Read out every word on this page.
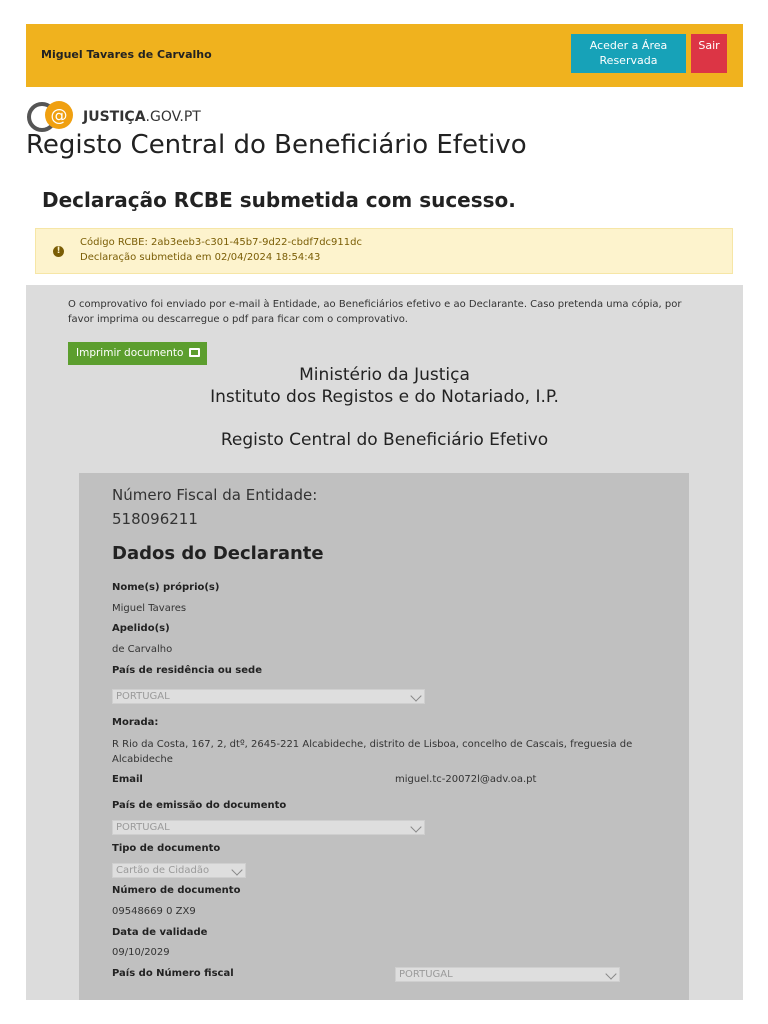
Miguel Tavares de Carvalho
Aceder a Área Reservada
Sair
@ JUSTIÇA.GOV.PT
Registo Central do Beneficiário Efetivo
Declaração RCBE submetida com sucesso.
!
Código RCBE: 2ab3eeb3-c301-45b7-9d22-cbdf7dc911dc
Declaração submetida em 02/04/2024 18:54:43

O comprovativo foi enviado por e-mail à Entidade, ao Beneficiários efetivo e ao Declarante. Caso pretenda uma cópia, por favor imprima ou descarregue o pdf para ficar com o comprovativo.

Imprimir documento
Ministério da Justiça
Instituto dos Registos e do Notariado, I.P.
Registo Central do Beneficiário Efetivo
Número Fiscal da Entidade:
518096211
Dados do Declarante
Nome(s) próprio(s)
Miguel Tavares
Apelido(s)
de Carvalho
País de residência ou sede
PORTUGAL
Morada:
R Rio da Costa, 167, 2, dtº, 2645-221 Alcabideche, distrito de Lisboa, concelho de Cascais, freguesia de Alcabideche
Email	miguel.tc-20072l@adv.oa.pt
País de emissão do documento
PORTUGAL
Tipo de documento
Cartão de Cidadão
Número de documento
09548669 0 ZX9
Data de validade
09/10/2029
País do Número fiscal	PORTUGAL
